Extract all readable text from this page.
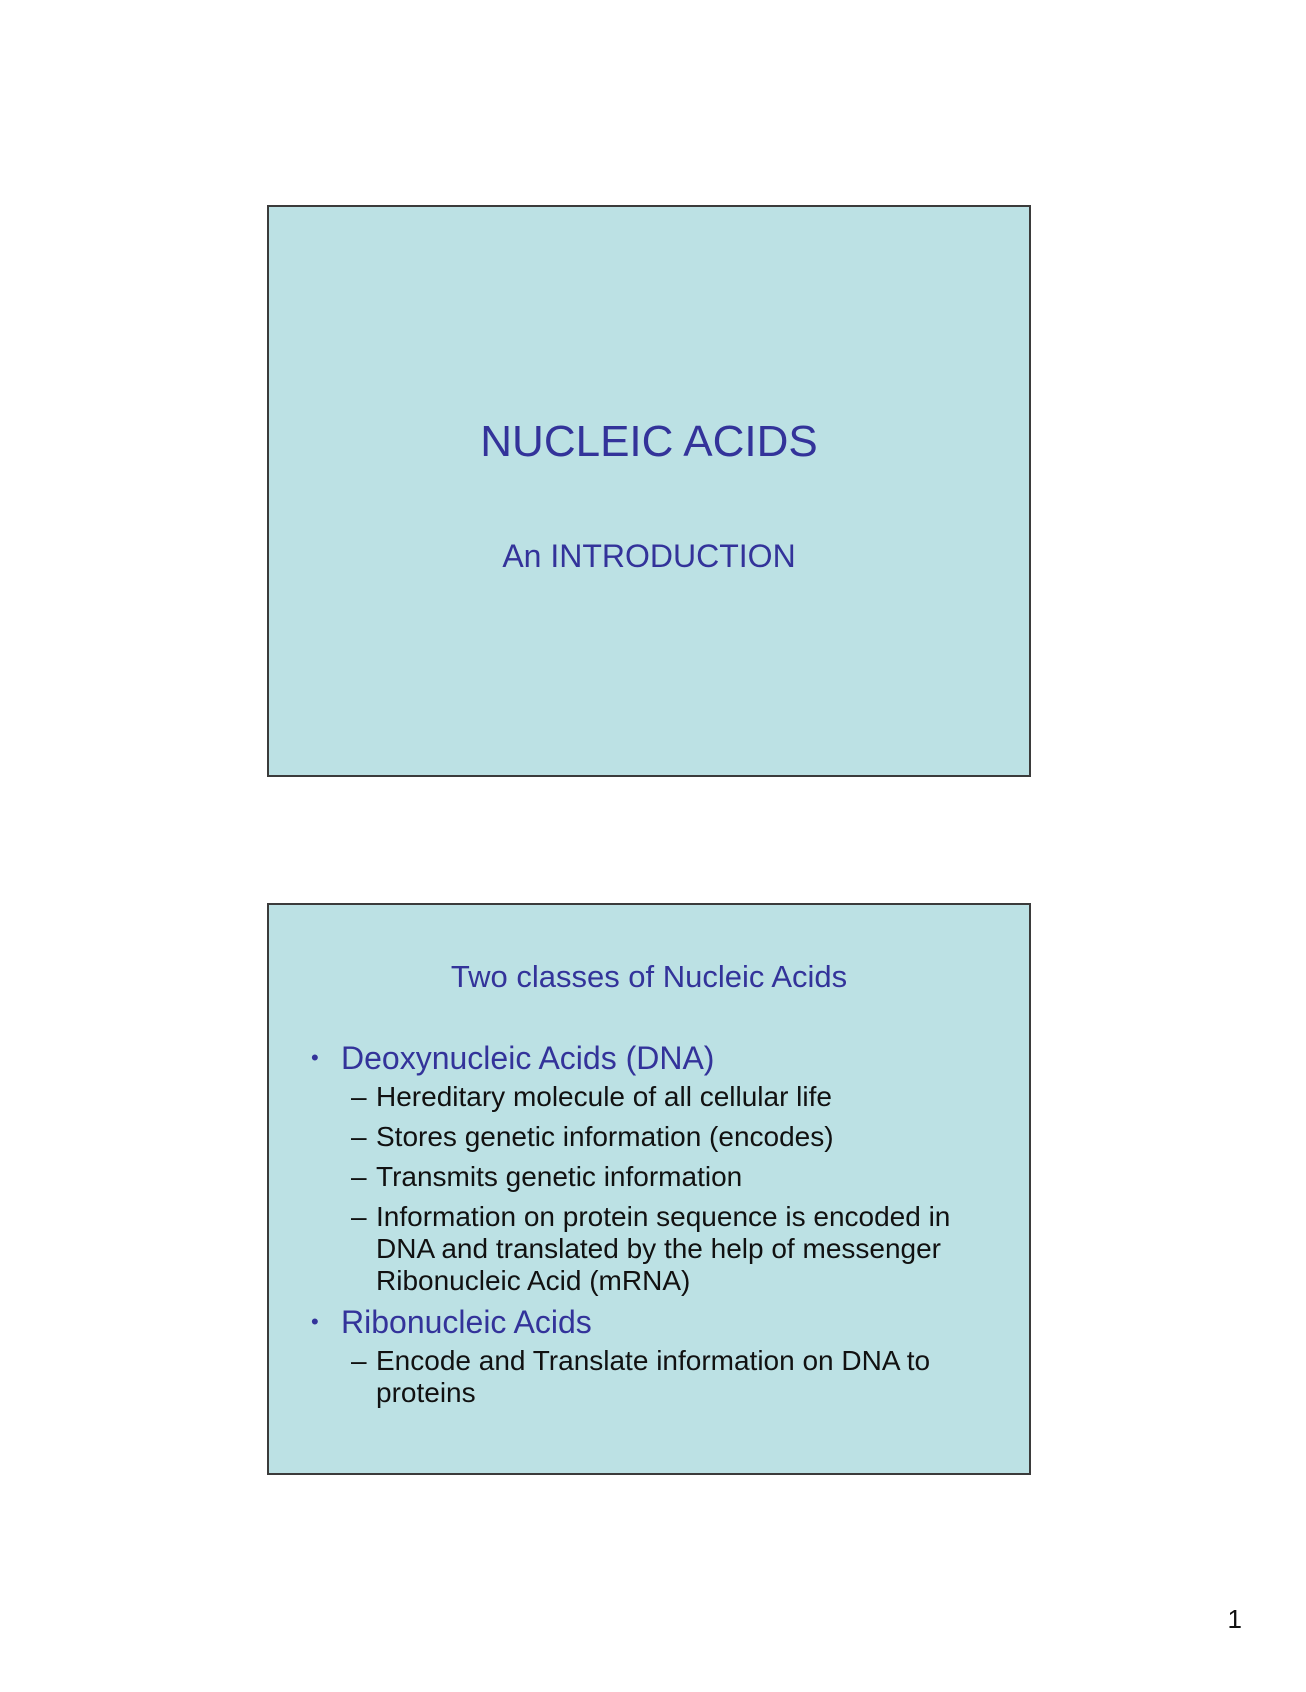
NUCLEIC ACIDS
An INTRODUCTION
Two classes of Nucleic Acids
• Deoxynucleic Acids (DNA)
– Hereditary molecule of all cellular life
– Stores genetic information (encodes)
– Transmits genetic information
– Information on protein sequence is encoded in DNA and translated by the help of messenger Ribonucleic Acid (mRNA)
• Ribonucleic Acids
– Encode and Translate information on DNA to proteins
1
